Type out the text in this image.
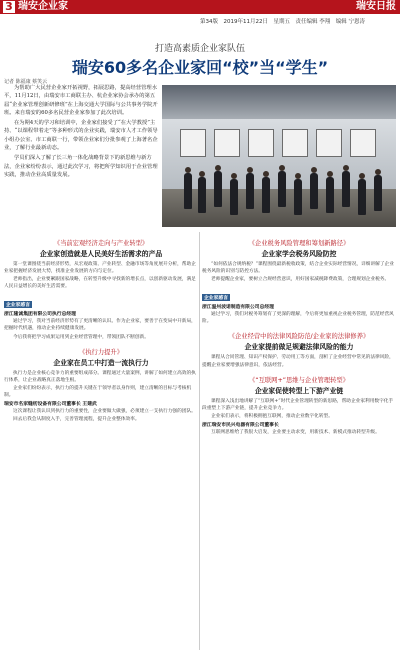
3 瑞安企业家	瑞安日报
第34版　2019年11月22日　星期五　责任编辑 李翔　编辑 宁恩涛
打造高素质企业家队伍
瑞安60多名企业家回“校”当“学生”
记者 陈福康 蔡笑云

为帮助广大民营企业家开拓视野，拓展思路，提高经营管理水平，11月12日，由瑞安市工商联主办、杭企业家协会承办的第五届“企业家管理创新研修班”在上海交通大学国际与公共事务学院开班。来自瑞安的60多名民营企业家参加了此次培训。

在为期4天的学习和培训中，企业家们接受了“在大学教授”主持、“以课程带着走”等多种形式的企业实践，瑞安市人才工作领导小组办公室、市工商联一行，带领企业家们分批参观了上海著名企业，了解行业最新动态。

学员们深入了解了长三角一体化战略背景下的新思维与新方法，企业家纷纷表示，通过此次学习，将把所学知识用于企业管理实践，推动企业高质量发展。

《当前宏观经济走向与产业转型》
企业家创造就是人民美好生活需求的产品

第一堂课围绕当前经济形势，从宏观政策、产业转型、金融市场等角度展开分析，帮助企业家把握经济发展大势，找准企业发展的方向与定位。

老师指出，企业要紧跟国家战略，在转型升级中寻找新的增长点，以创新驱动发展，满足人民日益增长的美好生活需要。

企业家感言
浙江隆诚集团有限公司执行总经理

通过学习，我对当前经济形势有了更清晰的认识。作为企业家，要善于在变局中开新局，把握时代机遇，推动企业持续健康发展。

今后我将把学习成果运用到企业经营管理中，带领团队不断创新。

《执行力提升》
企业家在员工中打造一流执行力

执行力是企业核心竞争力的重要组成部分。课程通过大量案例，讲解了如何建立高效的执行体系，让企业战略真正落地生根。

企业家们纷纷表示，执行力的提升关键在于领导者以身作则，建立清晰的目标与考核机制。

瑞安市名家缝纫设备有限公司董事长 王建武

这次课程让我认识到执行力的重要性，企业要做大做强，必须建立一支执行力强的团队。

回去后我会从制度入手，完善管理流程，提升企业整体效率。

《企业税务风险管理和筹划新路径》
企业家学会税务风险防控

“如何依法合规纳税？”课程围绕最新税收政策，结合企业实际经营情况，详细讲解了企业税务风险的识别与防控方法。

老师提醒企业家，要树立合规经营意识，用好国家减税降费政策，合理规划企业税务。

企业家感言
浙江温州波诺制造有限公司总经理

通过学习，我们对税务筹划有了更深的理解，今后将更加重视企业税务管理，防范经营风险。

《企业经营中的法律风险防范/企业家的法律修养》
企业家提前做足规避法律风险的能力

课程从合同管理、知识产权保护、劳动用工等方面，剖析了企业经营中常见的法律风险，提醒企业家要增强法律意识，依法经营。

《“互联网+”思维与企业管理转型》
企业家促使转型上下游产业链

课程深入浅出地讲解了“互联网+”时代企业管理转型的新思路，帮助企业家利用数字化手段重塑上下游产业链，提升企业竞争力。

企业家们表示，将积极拥抱互联网，推动企业数字化转型。

浙江瑞安市民兴电器有限公司董事长

互联网思维给了我很大启发，企业要主动求变，用新技术、新模式推动转型升级。
